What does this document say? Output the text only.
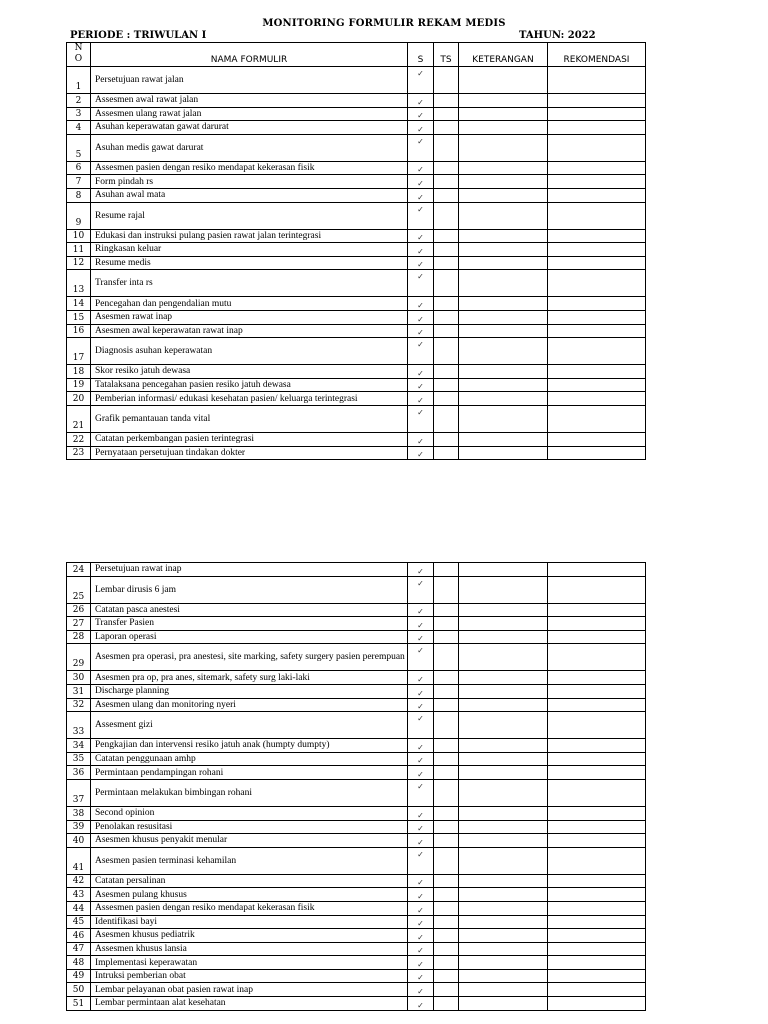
MONITORING FORMULIR REKAM MEDIS
PERIODE : TRIWULAN I	TAHUN: 2022
N
O	NAMA FORMULIR	S	TS	KETERANGAN	REKOMENDASI
1	Persetujuan rawat jalan	✓			
2	Assesmen awal rawat jalan	✓			
3	Assesmen ulang rawat jalan	✓			
4	Asuhan keperawatan gawat darurat	✓			
5	Asuhan medis gawat darurat	✓			
6	Assesmen pasien dengan resiko mendapat kekerasan fisik	✓			
7	Form pindah rs	✓			
8	Asuhan awal mata	✓			
9	Resume rajal	✓			
10	Edukasi dan instruksi pulang pasien rawat jalan terintegrasi	✓			
11	Ringkasan keluar	✓			
12	Resume medis	✓			
13	Transfer inta rs	✓			
14	Pencegahan dan pengendalian mutu	✓			
15	Asesmen rawat inap	✓			
16	Asesmen awal keperawatan rawat inap	✓			
17	Diagnosis asuhan keperawatan	✓			
18	Skor resiko jatuh dewasa	✓			
19	Tatalaksana pencegahan pasien resiko jatuh dewasa	✓			
20	Pemberian informasi/ edukasi kesehatan pasien/ keluarga terintegrasi	✓			
21	Grafik pemantauan tanda vital	✓			
22	Catatan perkembangan pasien terintegrasi	✓			
23	Pernyataan persetujuan tindakan dokter	✓			
24	Persetujuan rawat inap	✓			
25	Lembar dirusis 6 jam	✓			
26	Catatan pasca anestesi	✓			
27	Transfer Pasien	✓			
28	Laporan operasi	✓			
29	Asesmen pra operasi, pra anestesi, site marking, safety surgery pasien perempuan	✓			
30	Asesmen pra op, pra anes, sitemark, safety surg laki-laki	✓			
31	Discharge planning	✓			
32	Asesmen ulang dan monitoring nyeri	✓			
33	Assesment gizi	✓			
34	Pengkajian dan intervensi resiko jatuh anak (humpty dumpty)	✓			
35	Catatan penggunaan amhp	✓			
36	Permintaan pendampingan rohani	✓			
37	Permintaan melakukan bimbingan rohani	✓			
38	Second opinion	✓			
39	Penolakan resusitasi	✓			
40	Asesmen khusus penyakit menular	✓			
41	Asesmen pasien terminasi kehamilan	✓			
42	Catatan persalinan	✓			
43	Asesmen pulang khusus	✓			
44	Assesmen pasien dengan resiko mendapat kekerasan fisik	✓			
45	Identifikasi bayi	✓			
46	Asesmen khusus pediatrik	✓			
47	Assesmen khusus lansia	✓			
48	Implementasi keperawatan	✓			
49	Intruksi pemberian obat	✓			
50	Lembar pelayanan obat pasien rawat inap	✓			
51	Lembar permintaan alat kesehatan	✓			
